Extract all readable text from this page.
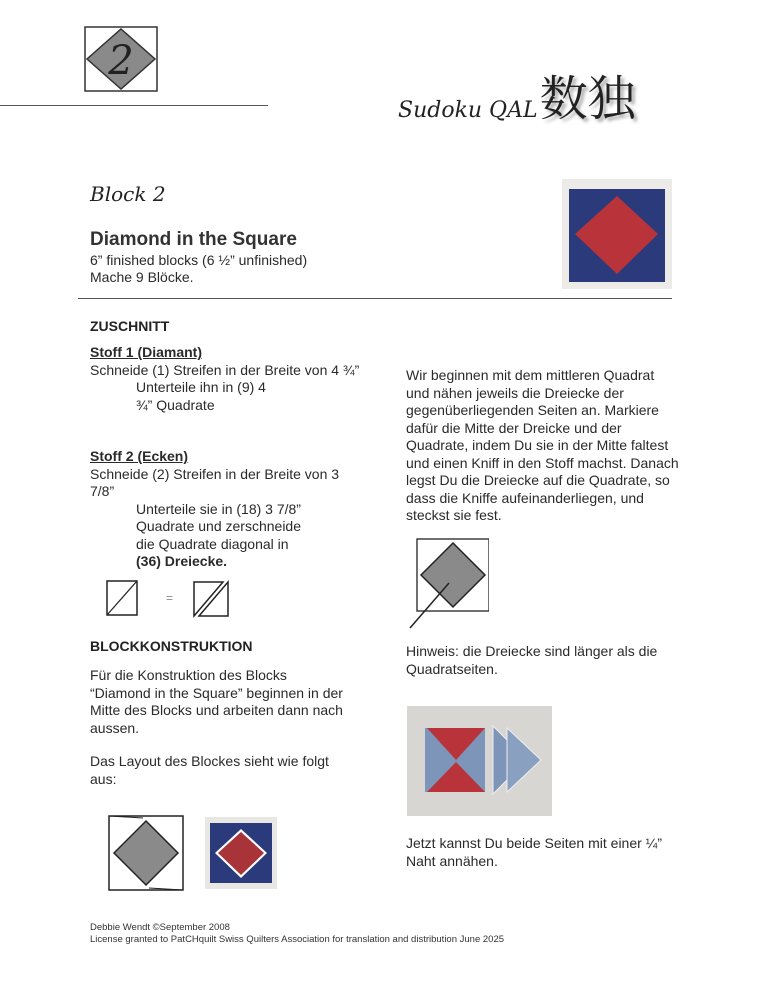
2
Sudoku QAL 数独
Block 2
Diamond in the Square
6” finished blocks (6 ½” unfinished)
Mache 9 Blöcke.
ZUSCHNITT
Stoff 1 (Diamant)
Schneide (1) Streifen in der Breite von 4 ¾”
Unterteile ihn in (9) 4 ¾” Quadrate
Stoff 2 (Ecken)
Schneide (2) Streifen in der Breite von 3 7/8”
Unterteile sie in (18) 3 7/8” Quadrate und zerschneide die Quadrate diagonal in (36) Dreiecke.
=
BLOCKKONSTRUKTION
Für die Konstruktion des Blocks “Diamond in the Square” beginnen in der Mitte des Blocks und arbeiten dann nach aussen.
Das Layout des Blockes sieht wie folgt aus:
Wir beginnen mit dem mittleren Quadrat und nähen jeweils die Dreiecke der gegenüberliegenden Seiten an. Markiere dafür die Mitte der Dreicke und der Quadrate, indem Du sie in der Mitte faltest und einen Kniff in den Stoff machst. Danach legst Du die Dreiecke auf die Quadrate, so dass die Kniffe aufeinanderliegen, und steckst sie fest.
Hinweis: die Dreiecke sind länger als die Quadratseiten.
Jetzt kannst Du beide Seiten mit einer ¼” Naht annähen.
Debbie Wendt ©September 2008
License granted to PatCHquilt Swiss Quilters Association for translation and distribution June 2025
